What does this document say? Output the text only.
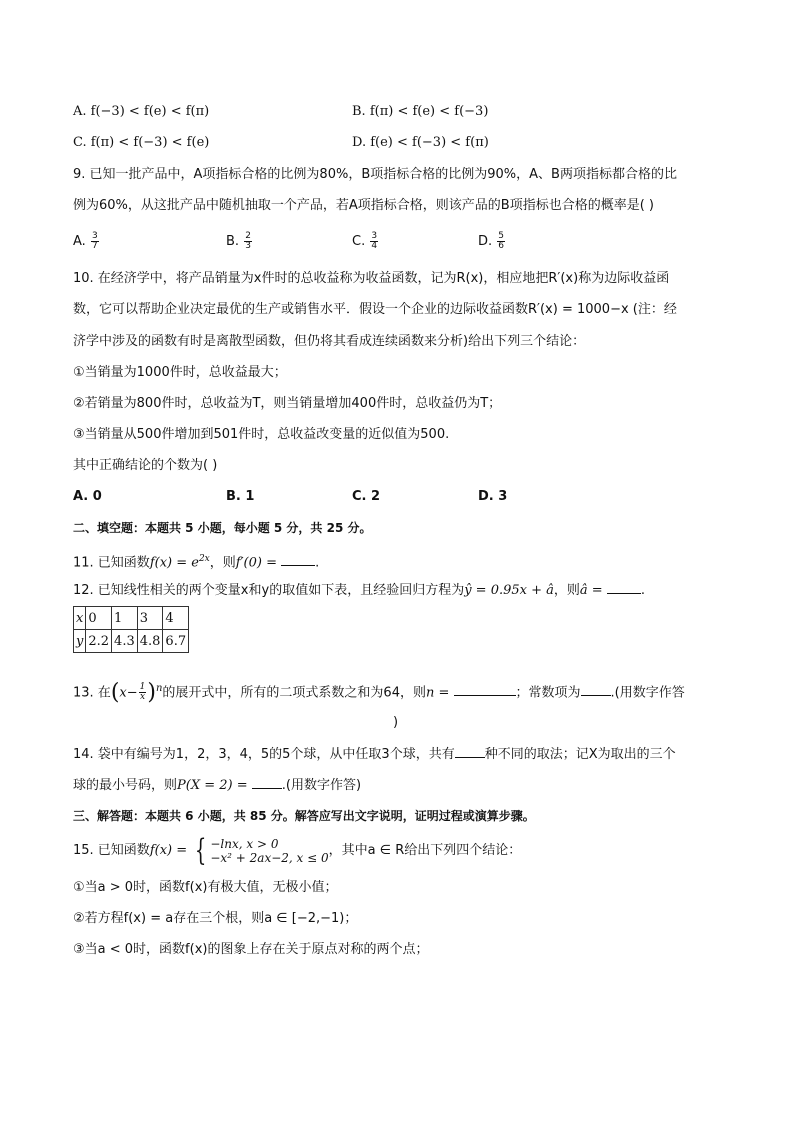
A. f(−3) < f(e) < f(π)	B. f(π) < f(e) < f(−3)
C. f(π) < f(−3) < f(e)	D. f(e) < f(−3) < f(π)
9. 已知一批产品中，A项指标合格的比例为80%，B项指标合格的比例为90%，A、B两项指标都合格的比
例为60%，从这批产品中随机抽取一个产品，若A项指标合格，则该产品的B项指标也合格的概率是( )
A. $\frac{3}{7}$	B. $\frac{2}{3}$	C. $\frac{3}{4}$	D. $\frac{5}{6}$
10. 在经济学中，将产品销量为x件时的总收益称为收益函数，记为R(x)，相应地把R′(x)称为边际收益函
数，它可以帮助企业决定最优的生产或销售水平．假设一个企业的边际收益函数R′(x) = 1000−x (注：经
济学中涉及的函数有时是离散型函数，但仍将其看成连续函数来分析)给出下列三个结论：
①当销量为1000件时，总收益最大；
②若销量为800件时，总收益为T，则当销量增加400件时，总收益仍为T；
③当销量从500件增加到501件时，总收益改变量的近似值为500.
其中正确结论的个数为( )
A. 0	B. 1	C. 2	D. 3
二、填空题：本题共 5 小题，每小题 5 分，共 25 分。
11. 已知函数$f(x) = e^{2x}$，则f′(0) =	.
12. 已知线性相关的两个变量x和y的取值如下表，且经验回归方程为ŷ = 0.95x + â，则â =	.
x	0	1	3	4
y	2.2	4.3	4.8	6.7
13. 在$(x- \frac{1}{x} )^n$的展开式中，所有的二项式系数之和为64，则n =	；常数项为 .(用数字作答
)
14. 袋中有编号为1，2，3，4，5的5个球，从中任取3个球，共有 种不同的取法；记X为取出的三个
球的最小号码，则P(X = 2) = .(用数字作答)
三、解答题：本题共 6 小题，共 85 分。解答应写出文字说明，证明过程或演算步骤。
15. 已知函数f(x) = { −lnx, x > 0
−x² + 2ax−2, x ≤ 0 ，其中a ∈ R给出下列四个结论：
①当a > 0时，函数f(x)有极大值，无极小值；
②若方程f(x) = a存在三个根，则a ∈ [−2,−1)；
③当a < 0时，函数f(x)的图象上存在关于原点对称的两个点；
